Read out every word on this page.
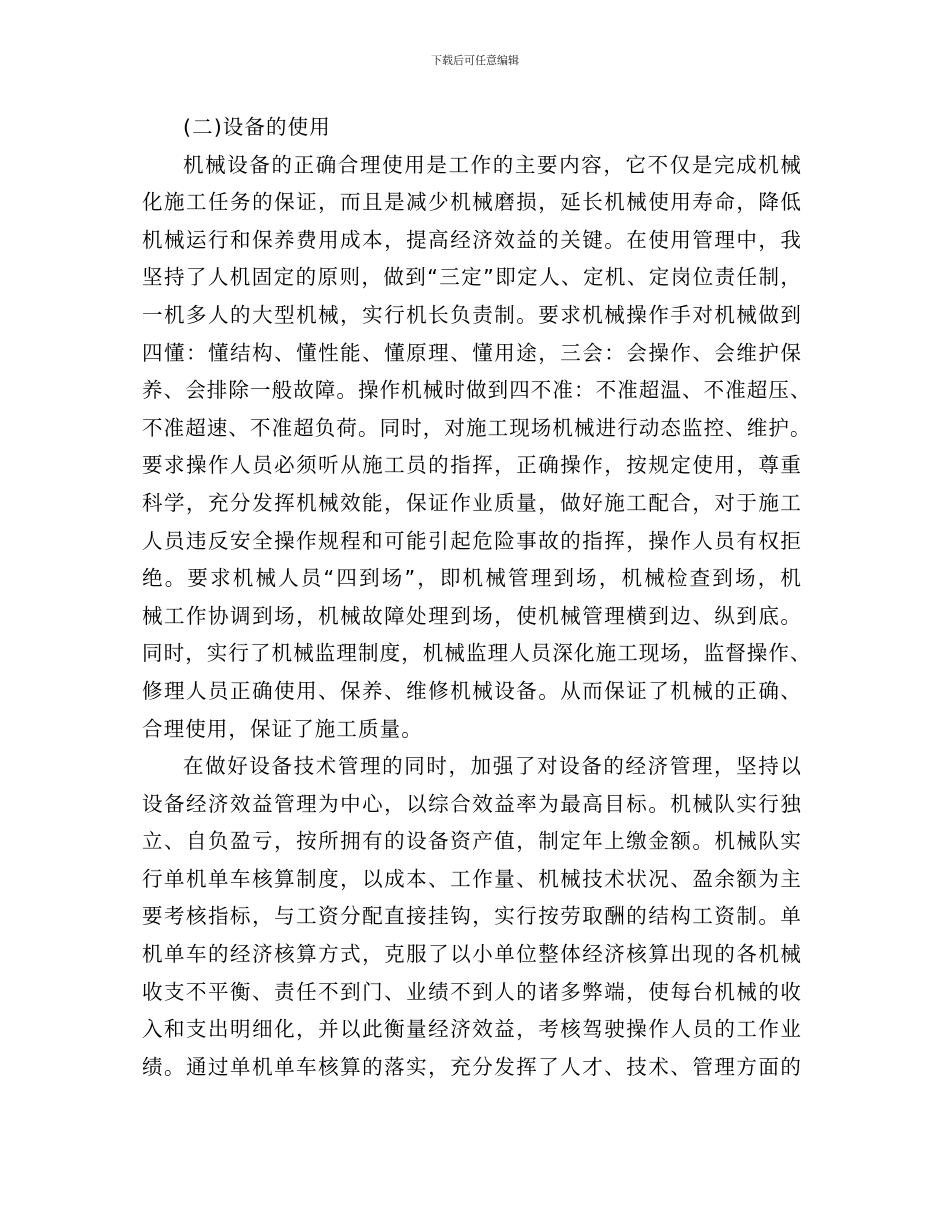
下载后可任意编辑

(二)设备的使用

机械设备的正确合理使用是工作的主要内容，它不仅是完成机械
化施工任务的保证，而且是减少机械磨损，延长机械使用寿命，降低
机械运行和保养费用成本，提高经济效益的关键。在使用管理中，我
坚持了人机固定的原则，做到“三定”即定人、定机、定岗位责任制，
一机多人的大型机械，实行机长负责制。要求机械操作手对机械做到
四懂：懂结构、懂性能、懂原理、懂用途，三会：会操作、会维护保
养、会排除一般故障。操作机械时做到四不准：不准超温、不准超压、
不准超速、不准超负荷。同时，对施工现场机械进行动态监控、维护。
要求操作人员必须听从施工员的指挥，正确操作，按规定使用，尊重
科学，充分发挥机械效能，保证作业质量，做好施工配合，对于施工
人员违反安全操作规程和可能引起危险事故的指挥，操作人员有权拒
绝。要求机械人员“四到场”，即机械管理到场，机械检查到场，机
械工作协调到场，机械故障处理到场，使机械管理横到边、纵到底。
同时，实行了机械监理制度，机械监理人员深化施工现场，监督操作、
修理人员正确使用、保养、维修机械设备。从而保证了机械的正确、
合理使用，保证了施工质量。
在做好设备技术管理的同时，加强了对设备的经济管理，坚持以
设备经济效益管理为中心，以综合效益率为最高目标。机械队实行独
立、自负盈亏，按所拥有的设备资产值，制定年上缴金额。机械队实
行单机单车核算制度，以成本、工作量、机械技术状况、盈余额为主
要考核指标，与工资分配直接挂钩，实行按劳取酬的结构工资制。单
机单车的经济核算方式，克服了以小单位整体经济核算出现的各机械
收支不平衡、责任不到门、业绩不到人的诸多弊端，使每台机械的收
入和支出明细化，并以此衡量经济效益，考核驾驶操作人员的工作业
绩。通过单机单车核算的落实，充分发挥了人才、技术、管理方面的
